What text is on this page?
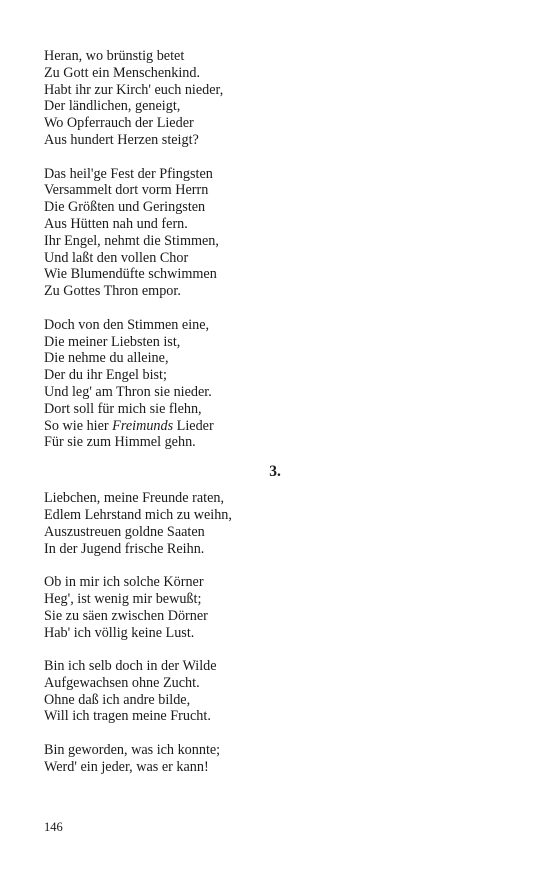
Heran, wo brünstig betet
Zu Gott ein Menschenkind.
Habt ihr zur Kirch' euch nieder,
Der ländlichen, geneigt,
Wo Opferrauch der Lieder
Aus hundert Herzen steigt?
Das heil'ge Fest der Pfingsten
Versammelt dort vorm Herrn
Die Größten und Geringsten
Aus Hütten nah und fern.
Ihr Engel, nehmt die Stimmen,
Und laßt den vollen Chor
Wie Blumendüfte schwimmen
Zu Gottes Thron empor.
Doch von den Stimmen eine,
Die meiner Liebsten ist,
Die nehme du alleine,
Der du ihr Engel bist;
Und leg' am Thron sie nieder.
Dort soll für mich sie flehn,
So wie hier Freimunds Lieder
Für sie zum Himmel gehn.
3.
Liebchen, meine Freunde raten,
Edlem Lehrstand mich zu weihn,
Auszustreuen goldne Saaten
In der Jugend frische Reihn.
Ob in mir ich solche Körner
Heg', ist wenig mir bewußt;
Sie zu säen zwischen Dörner
Hab' ich völlig keine Lust.
Bin ich selb doch in der Wilde
Aufgewachsen ohne Zucht.
Ohne daß ich andre bilde,
Will ich tragen meine Frucht.
Bin geworden, was ich konnte;
Werd' ein jeder, was er kann!
146
